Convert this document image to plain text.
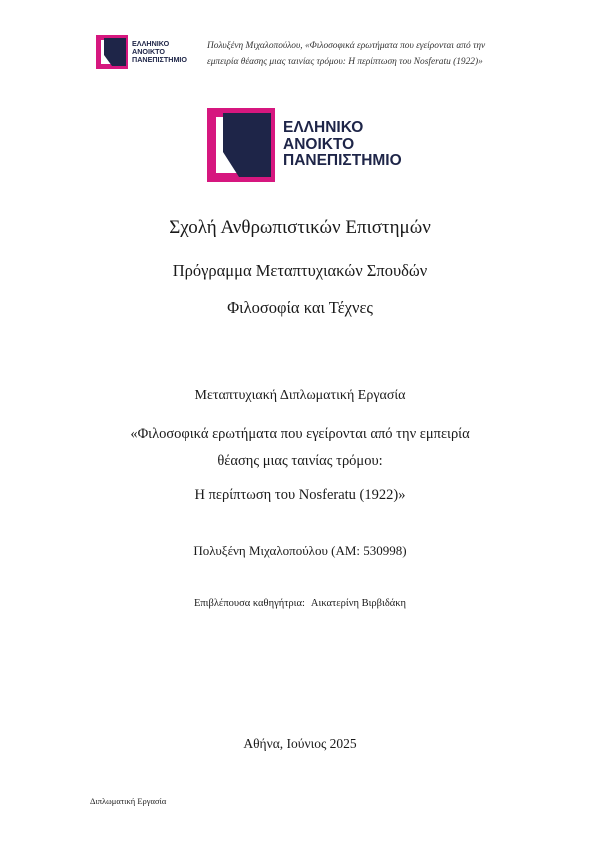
ΕΛΛΗΝΙΚΟ
ΑΝΟΙΚΤΟ
ΠΑΝΕΠΙΣΤΗΜΙΟ
Πολυξένη Μιχαλοπούλου, «Φιλοσοφικά ερωτήματα που εγείρονται από την
εμπειρία θέασης μιας ταινίας τρόμου: Η περίπτωση του Nosferatu (1922)»
ΕΛΛΗΝΙΚΟ
ΑΝΟΙΚΤΟ
ΠΑΝΕΠΙΣΤΗΜΙΟ
Σχολή Ανθρωπιστικών Επιστημών
Πρόγραμμα Μεταπτυχιακών Σπουδών
Φιλοσοφία και Τέχνες
Μεταπτυχιακή Διπλωματική Εργασία
«Φιλοσοφικά ερωτήματα που εγείρονται από την εμπειρία
θέασης μιας ταινίας τρόμου:
Η περίπτωση του Nosferatu (1922)»
Πολυξένη Μιχαλοπούλου (ΑΜ: 530998)
Επιβλέπουσα καθηγήτρια: Αικατερίνη Βιρβιδάκη
Αθήνα, Ιούνιος 2025
Διπλωματική Εργασία
